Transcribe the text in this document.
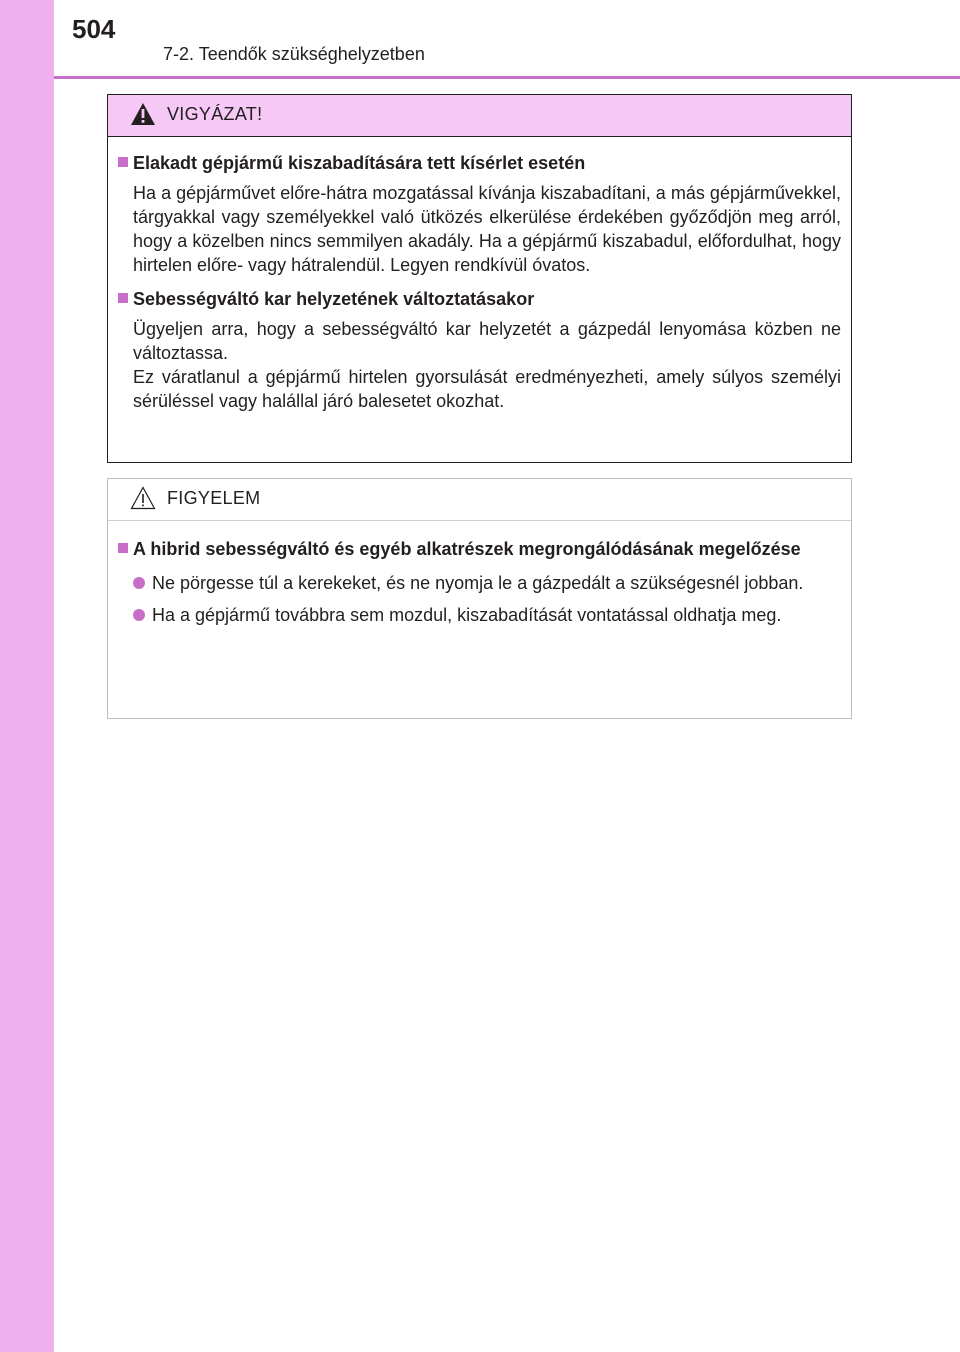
504
7-2. Teendők szükséghelyzetben
VIGYÁZAT!
Elakadt gépjármű kiszabadítására tett kísérlet esetén
Ha a gépjárművet előre-hátra mozgatással kívánja kiszabadítani, a más gépjárművekkel, tárgyakkal vagy személyekkel való ütközés elkerülése érdekében győződjön meg arról, hogy a közelben nincs semmilyen akadály. Ha a gépjármű kiszabadul, előfordulhat, hogy hirtelen előre- vagy hátralendül. Legyen rendkívül óvatos.
Sebességváltó kar helyzetének változtatásakor
Ügyeljen arra, hogy a sebességváltó kar helyzetét a gázpedál lenyomása közben ne változtassa.
Ez váratlanul a gépjármű hirtelen gyorsulását eredményezheti, amely súlyos személyi sérüléssel vagy halállal járó balesetet okozhat.
FIGYELEM
A hibrid sebességváltó és egyéb alkatrészek megrongálódásának megelőzése
Ne pörgesse túl a kerekeket, és ne nyomja le a gázpedált a szükségesnél jobban.
Ha a gépjármű továbbra sem mozdul, kiszabadítását vontatással oldhatja meg.
